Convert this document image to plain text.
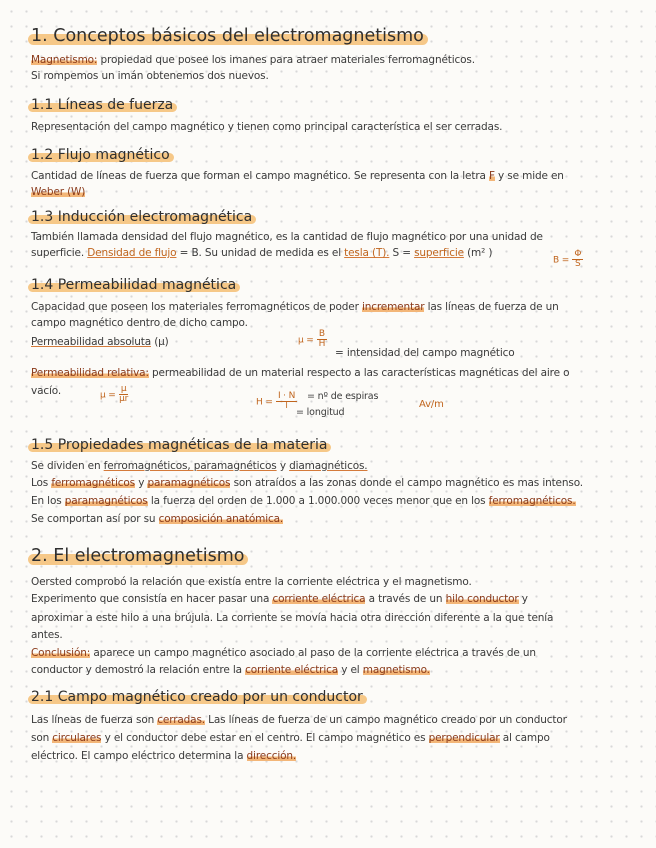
1. Conceptos básicos del electromagnetismo
Magnetismo: propiedad que posee los imanes para atraer materiales ferromagnéticos.
Si rompemos un imán obtenemos dos nuevos.
1.1 Líneas de fuerza
Representación del campo magnético y tienen como principal característica el ser cerradas.
1.2 Flujo magnético
Cantidad de líneas de fuerza que forman el campo magnético. Se representa con la letra F y se mide en
Weber (W)
1.3 Inducción electromagnética
También llamada densidad del flujo magnético, es la cantidad de flujo magnético por una unidad de
superficie. Densidad de flujo = B. Su unidad de medida es el tesla (T). S = superficie (m² )
$B = \frac{\Phi}{S}$
1.4 Permeabilidad magnética
Capacidad que poseen los materiales ferromagnéticos de poder incrementar las líneas de fuerza de un
campo magnético dentro de dicho campo.
Permeabilidad absoluta (μ)	$\mu = \frac{B}{H}$
= intensidad del campo magnético
Permeabilidad relativa: permeabilidad de un material respecto a las características magnéticas del aire o
vacío.	$\mu = \frac{\mu}{\mu r}$	$H = \frac{I \cdot N}{l}$ = nº de espiras
= longitud
Av/m
1.5 Propiedades magnéticas de la materia
Se dividen en ferromagnéticos, paramagnéticos y diamagnéticos.
Los ferromagnéticos y paramagnéticos son atraídos a las zonas donde el campo magnético es mas intenso.
En los paramagnéticos la fuerza del orden de 1.000 a 1.000.000 veces menor que en los ferromagnéticos.
Se comportan así por su composición anatómica.
2. El electromagnetismo
Oersted comprobó la relación que existía entre la corriente eléctrica y el magnetismo.
Experimento que consistía en hacer pasar una corriente eléctrica a través de un hilo conductor y
aproximar a este hilo a una brújula. La corriente se movía hacia otra dirección diferente a la que tenía
antes.
Conclusión: aparece un campo magnético asociado al paso de la corriente eléctrica a través de un
conductor y demostró la relación entre la corriente eléctrica y el magnetismo.
2.1 Campo magnético creado por un conductor
Las líneas de fuerza son cerradas. Las líneas de fuerza de un campo magnético creado por un conductor
son circulares y el conductor debe estar en el centro. El campo magnético es perpendicular al campo
eléctrico. El campo eléctrico determina la dirección.
